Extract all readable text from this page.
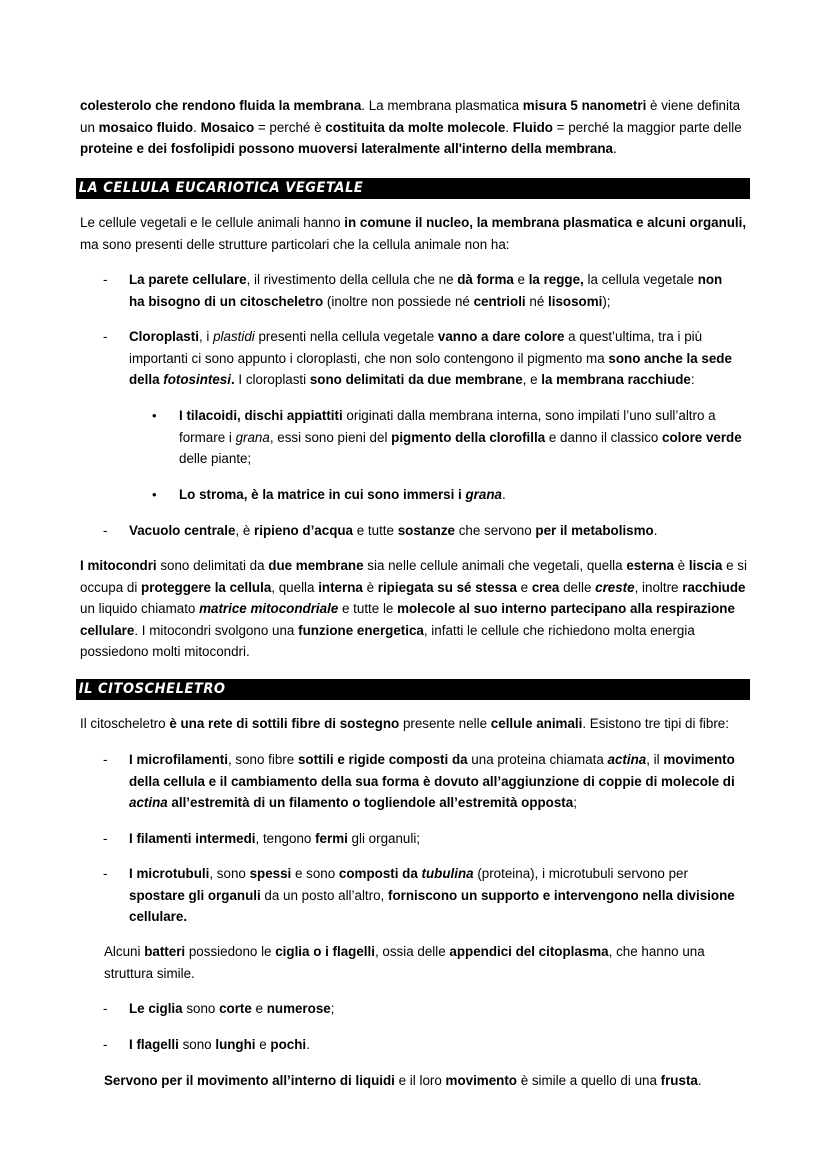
colesterolo che rendono fluida la membrana. La membrana plasmatica misura 5 nanometri è viene definita un mosaico fluido. Mosaico = perché è costituita da molte molecole. Fluido = perché la maggior parte delle proteine e dei fosfolipidi possono muoversi lateralmente all'interno della membrana.

LA CELLULA EUCARIOTICA VEGETALE

Le cellule vegetali e le cellule animali hanno in comune il nucleo, la membrana plasmatica e alcuni organuli, ma sono presenti delle strutture particolari che la cellula animale non ha:

- La parete cellulare, il rivestimento della cellula che ne dà forma e la regge, la cellula vegetale non ha bisogno di un citoscheletro (inoltre non possiede né centrioli né lisosomi);

- Cloroplasti, i plastidi presenti nella cellula vegetale vanno a dare colore a quest’ultima, tra i più importanti ci sono appunto i cloroplasti, che non solo contengono il pigmento ma sono anche la sede della fotosintesi. I cloroplasti sono delimitati da due membrane, e la membrana racchiude:

• I tilacoidi, dischi appiattiti originati dalla membrana interna, sono impilati l’uno sull’altro a formare i grana, essi sono pieni del pigmento della clorofilla e danno il classico colore verde delle piante;

• Lo stroma, è la matrice in cui sono immersi i grana.

- Vacuolo centrale, è ripieno d’acqua e tutte sostanze che servono per il metabolismo.

I mitocondri sono delimitati da due membrane sia nelle cellule animali che vegetali, quella esterna è liscia e si occupa di proteggere la cellula, quella interna è ripiegata su sé stessa e crea delle creste, inoltre racchiude un liquido chiamato matrice mitocondriale e tutte le molecole al suo interno partecipano alla respirazione cellulare. I mitocondri svolgono una funzione energetica, infatti le cellule che richiedono molta energia possiedono molti mitocondri.

IL CITOSCHELETRO

Il citoscheletro è una rete di sottili fibre di sostegno presente nelle cellule animali. Esistono tre tipi di fibre:

- I microfilamenti, sono fibre sottili e rigide composti da una proteina chiamata actina, il movimento della cellula e il cambiamento della sua forma è dovuto all’aggiunzione di coppie di molecole di actina all’estremità di un filamento o togliendole all’estremità opposta;

- I filamenti intermedi, tengono fermi gli organuli;

- I microtubuli, sono spessi e sono composti da tubulina (proteina), i microtubuli servono per spostare gli organuli da un posto all’altro, forniscono un supporto e intervengono nella divisione cellulare.

Alcuni batteri possiedono le ciglia o i flagelli, ossia delle appendici del citoplasma, che hanno una struttura simile.

- Le ciglia sono corte e numerose;

- I flagelli sono lunghi e pochi.

Servono per il movimento all’interno di liquidi e il loro movimento è simile a quello di una frusta.
